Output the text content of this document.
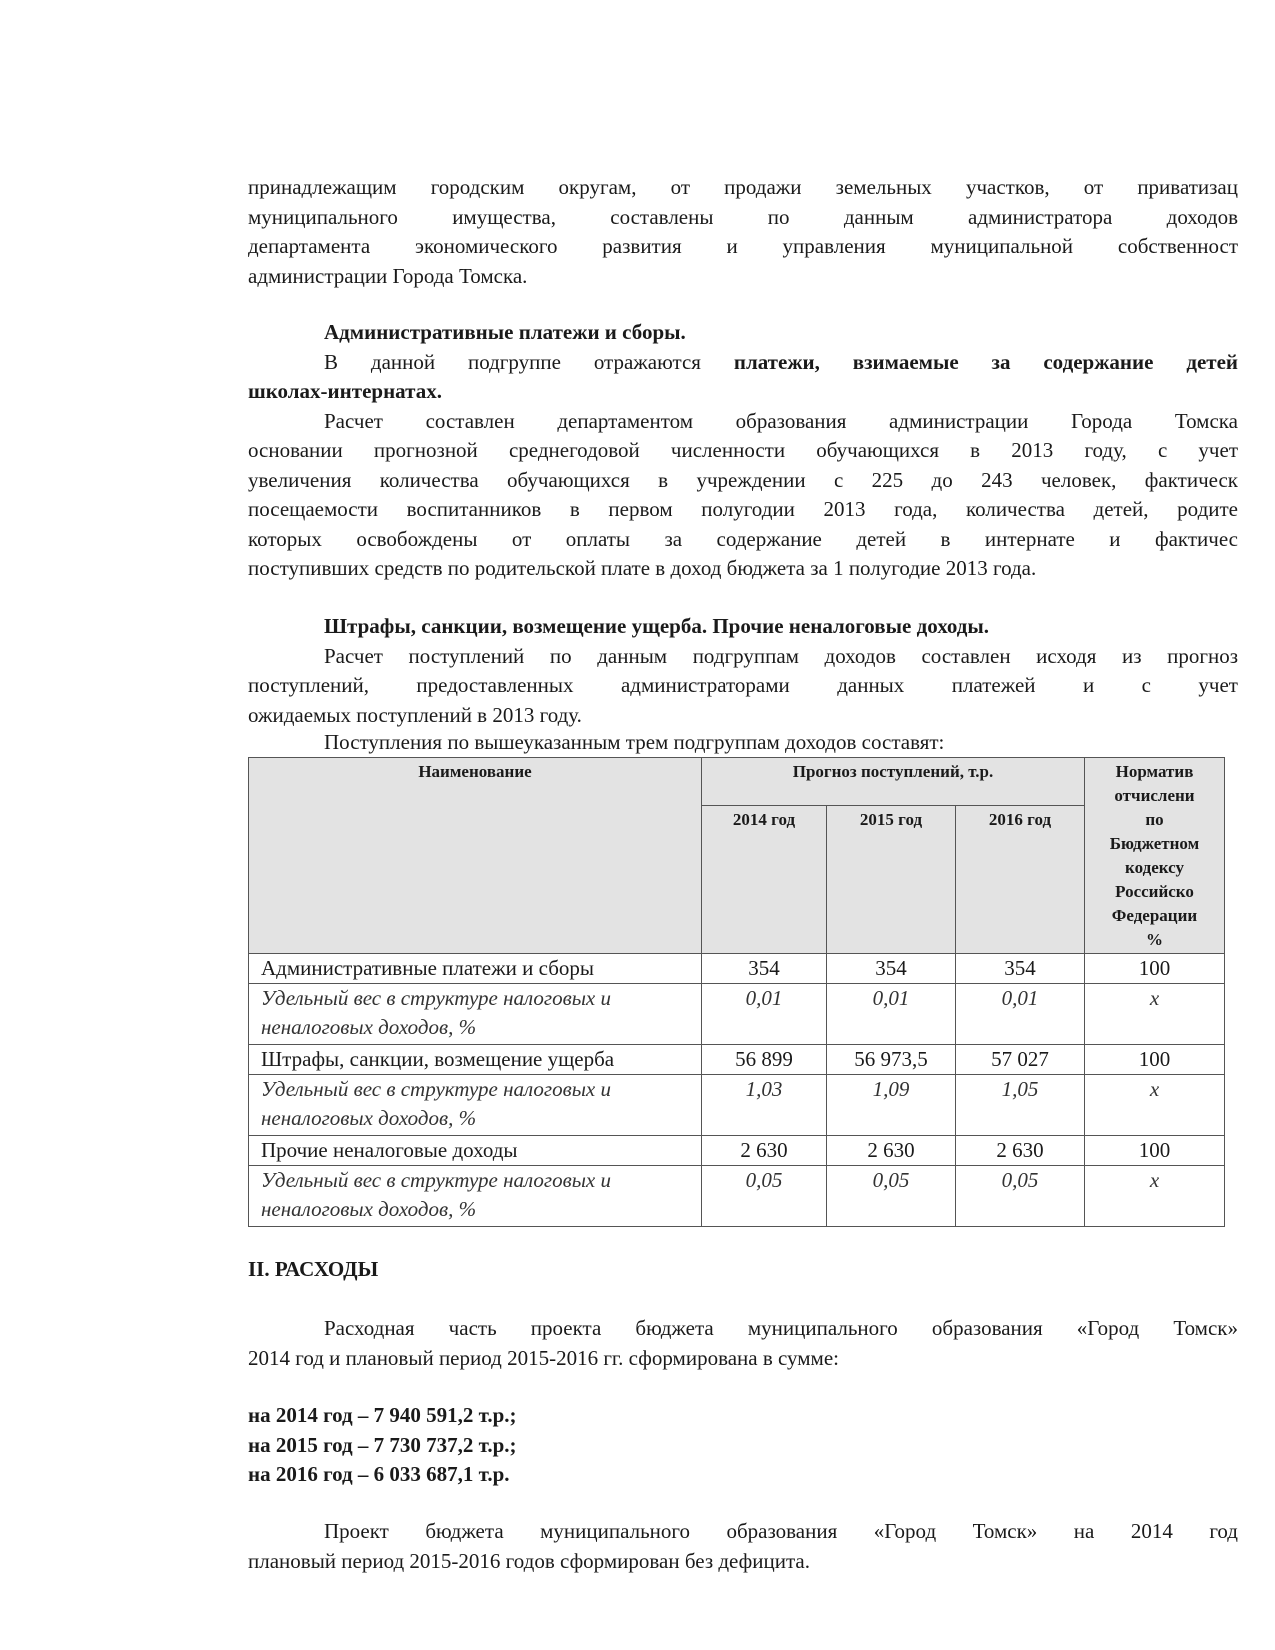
принадлежащим городским округам, от продажи земельных участков, от приватизац

муниципального имущества, составлены по данным администратора доходов

департамента экономического развития и управления муниципальной собственност

администрации Города Томска.

Административные платежи и сборы.

В данной подгруппе отражаются платежи, взимаемые за содержание детей

школах-интернатах.

Расчет составлен департаментом образования администрации Города Томска

основании прогнозной среднегодовой численности обучающихся в 2013 году, с учет

увеличения количества обучающихся в учреждении с 225 до 243 человек, фактическ

посещаемости воспитанников в первом полугодии 2013 года, количества детей, родите

которых освобождены от оплаты за содержание детей в интернате и фактичес

поступивших средств по родительской плате в доход бюджета за 1 полугодие 2013 года.

Штрафы, санкции, возмещение ущерба. Прочие неналоговые доходы.

Расчет поступлений по данным подгруппам доходов составлен исходя из прогноз

поступлений, предоставленных администраторами данных платежей и с учет

ожидаемых поступлений в 2013 году.

Поступления по вышеуказанным трем подгруппам доходов составят:

Наименование	Прогноз поступлений, т.р.	Норматив
отчислени
по
Бюджетном
кодексу
Российско
Федерации
%

	2014 год	2015 год	2016 год	
Административные платежи и сборы	354	354	354	100
Удельный вес в структуре налоговых и неналоговых доходов, %	0,01	0,01	0,01	х
Штрафы, санкции, возмещение ущерба	56 899	56 973,5	57 027	100
Удельный вес в структуре налоговых и неналоговых доходов, %	1,03	1,09	1,05	х
Прочие неналоговые доходы	2 630	2 630	2 630	100
Удельный вес в структуре налоговых и неналоговых доходов, %	0,05	0,05	0,05	х

II. РАСХОДЫ

Расходная часть проекта бюджета муниципального образования «Город Томск»

2014 год и плановый период 2015-2016 гг. сформирована в сумме:

на 2014 год – 7 940 591,2 т.р.;

на 2015 год – 7 730 737,2 т.р.;

на 2016 год – 6 033 687,1 т.р.

Проект бюджета муниципального образования «Город Томск» на 2014 год

плановый период 2015-2016 годов сформирован без дефицита.
